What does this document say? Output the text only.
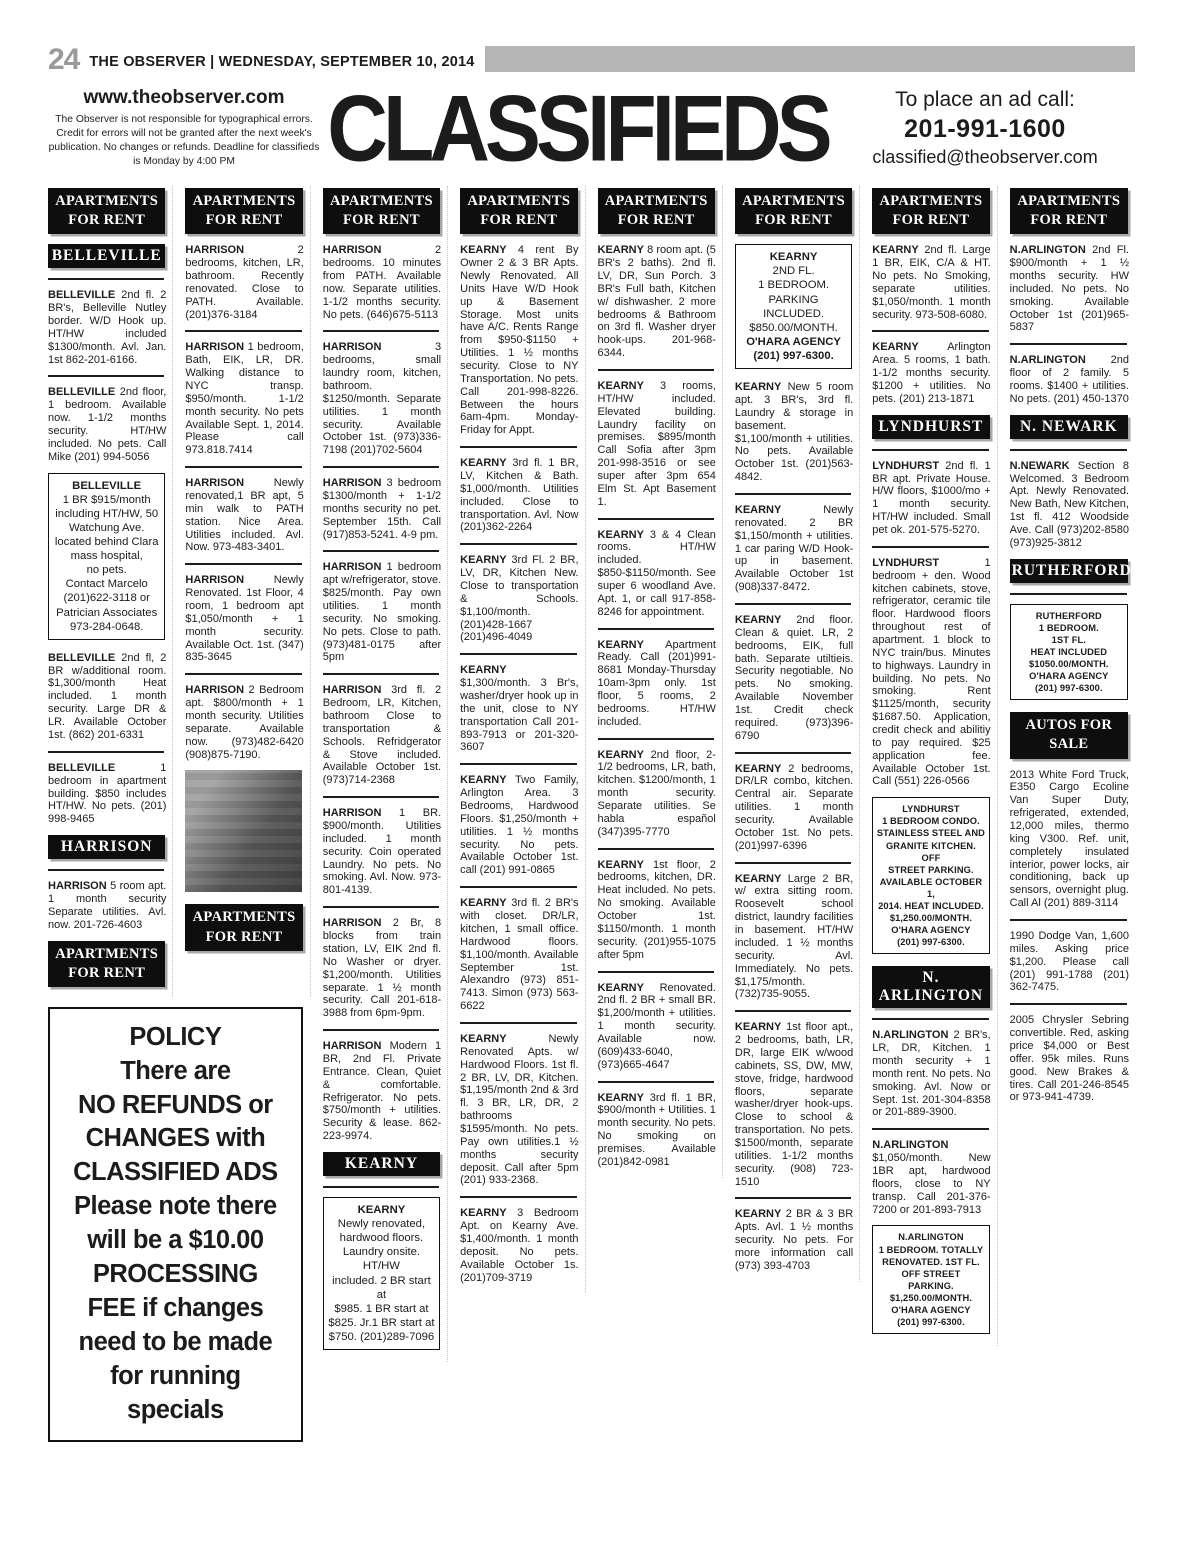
24 THE OBSERVER | WEDNESDAY, SEPTEMBER 10, 2014
www.theobserver.com
The Observer is not responsible for typographical errors. Credit for errors will not be granted after the next week's publication. No changes or refunds. Deadline for classifieds is Monday by 4:00 PM	CLASSIFIEDS	To place an ad call:
201-991-1600
classified@theobserver.com
APARTMENTS FOR RENT
BELLEVILLE
BELLEVILLE 2nd fl. 2 BR's, Belleville Nutley border. W/D Hook up. HT/HW included $1300/month. Avl. Jan. 1st 862-201-6166.
BELLEVILLE 2nd floor, 1 bedroom. Available now. 1-1/2 months security. HT/HW included. No pets. Call Mike (201) 994-5056
BELLEVILLE
1 BR $915/month
including HT/HW, 50
Watchung Ave.
located behind Clara
mass hospital,
no pets.
Contact Marcelo
(201)622-3118 or
Patrician Associates
973-284-0648.
BELLEVILLE 2nd fl, 2 BR w/additional room. $1,300/month Heat included. 1 month security. Large DR & LR. Available October 1st. (862) 201-6331
BELLEVILLE	1 bedroom in apartment building. $850 includes HT/HW. No pets. (201) 998-9465
HARRISON
HARRISON 5 room apt. 1 month security Separate utilities. Avl. now. 201-726-4603
APARTMENTS FOR RENT
APARTMENTS FOR RENT
HARRISON	2 bedrooms, kitchen, LR, bathroom. Recently renovated. Close to PATH. Available. (201)376-3184
HARRISON 1 bedroom, Bath, EIK, LR, DR. Walking distance to NYC transp. $950/month. 1-1/2 month security. No pets Available Sept. 1, 2014. Please call 973.818.7414
HARRISON	Newly renovated,1 BR apt, 5 min walk to PATH station. Nice Area. Utilities included. Avl. Now. 973-483-3401.
HARRISON	Newly Renovated. 1st Floor, 4 room, 1 bedroom apt $1,050/month + 1 month security. Available Oct. 1st. (347) 835-3645
HARRISON 2 Bedroom apt. $800/month + 1 month security. Utilities separate. Available now. (973)482-6420 (908)875-7190.
APARTMENTS FOR RENT
POLICY
There are
NO REFUNDS or
CHANGES with
CLASSIFIED ADS
Please note there
will be a $10.00
PROCESSING
FEE if changes
need to be made
for running
specials
APARTMENTS FOR RENT
HARRISON	2 bedrooms. 10 minutes from PATH. Available now. Separate utilities. 1-1/2 months security. No pets. (646)675-5113
HARRISON	3 bedrooms, small laundry room, kitchen, bathroom. $1250/month. Separate utilities. 1 month security. Available October 1st. (973)336-7198 (201)702-5604
HARRISON 3 bedroom $1300/month + 1-1/2 months security no pet. September 15th. Call (917)853-5241. 4-9 pm.
HARRISON 1 bedroom apt w/refrigerator, stove. $825/month. Pay own utilities. 1 month security. No smoking. No pets. Close to path. (973)481-0175 after 5pm
HARRISON 3rd fl. 2 Bedroom, LR, Kitchen, bathroom Close to transportation & Schools. Refridgerator & Stove included. Available October 1st. (973)714-2368
HARRISON 1 BR. $900/month. Utilities included. 1 month security. Coin operated Laundry. No pets. No smoking. Avl. Now. 973-801-4139.
HARRISON 2 Br, 8 blocks from train station, LV, EIK 2nd fl. No Washer or dryer. $1,200/month. Utilities separate. 1 ½ month security. Call 201-618-3988 from 6pm-9pm.
HARRISON Modern 1 BR, 2nd Fl. Private Entrance. Clean, Quiet & comfortable. Refrigerator. No pets. $750/month + utilities. Security & lease. 862-223-9974.
KEARNY
KEARNY
Newly renovated,
hardwood floors.
Laundry onsite. HT/HW
included. 2 BR start at
$985. 1 BR start at
$825. Jr.1 BR start at
$750. (201)289-7096
APARTMENTS FOR RENT
KEARNY 4 rent By Owner 2 & 3 BR Apts. Newly Renovated. All Units Have W/D Hook up & Basement Storage. Most units have A/C. Rents Range from $950-$1150 + Utilities. 1 ½ months security. Close to NY Transportation. No pets. Call 201-998-8226. Between the hours 6am-4pm. Monday-Friday for Appt.
KEARNY 3rd fl. 1 BR, LV, Kitchen & Bath. $1,000/month. Utilities included. Close to transportation. Avl. Now (201)362-2264
KEARNY 3rd Fl. 2 BR, LV, DR, Kitchen New. Close to transportation & Schools. $1,100/month. (201)428-1667 (201)496-4049
KEARNY $1,300/month. 3 Br's, washer/dryer hook up in the unit, close to NY transportation Call 201-893-7913 or 201-320-3607
KEARNY Two Family, Arlington Area. 3 Bedrooms, Hardwood Floors. $1,250/month + utilities. 1 ½ months security. No pets. Available October 1st. call (201) 991-0865
KEARNY 3rd fl. 2 BR's with closet. DR/LR, kitchen, 1 small office. Hardwood floors. $1,100/month. Available September 1st. Alexandro (973) 851-7413. Simon (973) 563-6622
KEARNY	Newly Renovated Apts. w/ Hardwood Floors. 1st fl. 2 BR, LV, DR, Kitchen. $1,195/month 2nd & 3rd fl. 3 BR, LR, DR, 2 bathrooms $1595/month. No pets. Pay own utilities.1 ½ months security deposit. Call after 5pm (201) 933-2368.
KEARNY 3 Bedroom Apt. on Kearny Ave. $1,400/month. 1 month deposit. No pets. Available October 1s. (201)709-3719
APARTMENTS FOR RENT
KEARNY 8 room apt. (5 BR's 2 baths). 2nd fl. LV, DR, Sun Porch. 3 BR's Full bath, Kitchen w/ dishwasher. 2 more bedrooms & Bathroom on 3rd fl. Washer dryer hook-ups. 201-968-6344.
KEARNY 3 rooms, HT/HW included. Elevated building. Laundry facility on premises. $895/month Call Sofia after 3pm 201-998-3516 or see super after 3pm 654 Elm St. Apt Basement 1.
KEARNY 3 & 4 Clean rooms. HT/HW included. $850-$1150/month. See super 6 woodland Ave. Apt. 1, or call 917-858-8246 for appointment.
KEARNY Apartment Ready. Call (201)991-8681 Monday-Thursday 10am-3pm only. 1st floor, 5 rooms, 2 bedrooms. HT/HW included.
KEARNY 2nd floor, 2-1/2 bedrooms, LR, bath, kitchen. $1200/month, 1 month security. Separate utilities. Se habla español (347)395-7770
KEARNY 1st floor, 2 bedrooms, kitchen, DR. Heat included. No pets. No smoking. Available October 1st. $1150/month. 1 month security. (201)955-1075 after 5pm
KEARNY Renovated. 2nd fl. 2 BR + small BR. $1,200/month + utilities. 1 month security. Available now. (609)433-6040, (973)665-4647
KEARNY 3rd fl. 1 BR, $900/month + Utilities. 1 month security. No pets. No smoking on premises. Available (201)842-0981
APARTMENTS FOR RENT
KEARNY
2ND FL.
1 BEDROOM.
PARKING INCLUDED.
$850.00/MONTH.
O'HARA AGENCY
(201) 997-6300.
KEARNY New 5 room apt. 3 BR's, 3rd fl. Laundry & storage in basement. $1,100/month + utilities. No pets. Available October 1st. (201)563-4842.
KEARNY	Newly renovated. 2 BR $1,150/month + utilities. 1 car paring W/D Hook-up in basement. Available October 1st (908)337-8472.
KEARNY 2nd floor. Clean & quiet. LR, 2 bedrooms, EIK, full bath. Separate utiltieis. Security negotiable. No pets. No smoking. Available November 1st. Credit check required. (973)396-6790
KEARNY 2 bedrooms, DR/LR combo, kitchen. Central air. Separate utilities. 1 month security. Available October 1st. No pets. (201)997-6396
KEARNY Large 2 BR, w/ extra sitting room. Roosevelt school district, laundry facilities in basement. HT/HW included. 1 ½ months security. Avl. Immediately. No pets. $1,175/month. (732)735-9055.
KEARNY 1st floor apt., 2 bedrooms, bath, LR, DR, large EIK w/wood cabinets, SS, DW, MW, stove, fridge, hardwood floors, separate washer/dryer hook-ups. Close to school & transportation. No pets. $1500/month, separate utilities. 1-1/2 months security. (908) 723-1510
KEARNY 2 BR & 3 BR Apts. Avl. 1 ½ months security. No pets. For more information call (973) 393-4703
APARTMENTS FOR RENT
KEARNY 2nd fl. Large 1 BR, EIK, C/A & HT. No pets. No Smoking, separate utilities. $1,050/month. 1 month security. 973-508-6080.
KEARNY	Arlington Area. 5 rooms, 1 bath. 1-1/2 months security. $1200 + utilities. No pets. (201) 213-1871
LYNDHURST
LYNDHURST 2nd fl. 1 BR apt. Private House. H/W floors, $1000/mo + 1 month security. HT/HW included. Small pet ok. 201-575-5270.
LYNDHURST	1 bedroom + den. Wood kitchen cabinets, stove, refrigerator, ceramic tile floor. Hardwood floors throughout rest of apartment. 1 block to NYC train/bus. Minutes to highways. Laundry in building. No pets. No smoking. Rent $1125/month, security $1687.50. Application, credit check and abilitiy to pay required. $25 application fee. Available October 1st. Call (551) 226-0566
LYNDHURST
1 BEDROOM CONDO.
STAINLESS STEEL AND
GRANITE KITCHEN. OFF
STREET PARKING.
AVAILABLE OCTOBER 1,
2014. HEAT INCLUDED.
$1,250.00/MONTH.
O'HARA AGENCY
(201) 997-6300.
N. ARLINGTON
N.ARLINGTON 2 BR's, LR, DR, Kitchen. 1 month security + 1 month rent. No pets. No smoking. Avl. Now or Sept. 1st. 201-304-8358 or 201-889-3900.
N.ARLINGTON $1,050/month. New 1BR apt, hardwood floors, close to NY transp. Call 201-376-7200 or 201-893-7913
N.ARLINGTON
1 BEDROOM. TOTALLY
RENOVATED. 1ST FL.
OFF STREET
PARKING.
$1,250.00/MONTH.
O'HARA AGENCY
(201) 997-6300.
APARTMENTS FOR RENT
N.ARLINGTON 2nd Fl. $900/month + 1 ½ months security. HW included. No pets. No smoking. Available October 1st (201)965-5837
N.ARLINGTON 2nd floor of 2 family. 5 rooms. $1400 + utilities. No pets. (201) 450-1370
N. NEWARK
N.NEWARK Section 8 Welcomed. 3 Bedroom Apt. Newly Renovated. New Bath, New Kitchen, 1st fl. 412 Woodside Ave. Call (973)202-8580 (973)925-3812
RUTHERFORD
RUTHERFORD
1 BEDROOM.
1ST FL.
HEAT INCLUDED
$1050.00/MONTH.
O'HARA AGENCY
(201) 997-6300.
AUTOS FOR SALE
2013 White Ford Truck, E350 Cargo Ecoline Van Super Duty, refrigerated, extended, 12,000 miles, thermo king V300. Ref. unit, completely insulated interior, power locks, air conditioning, back up sensors, overnight plug. Call Al (201) 889-3114
1990 Dodge Van, 1,600 miles. Asking price $1,200. Please call (201) 991-1788 (201) 362-7475.
2005 Chrysler Sebring convertible. Red, asking price $4,000 or Best offer. 95k miles. Runs good. New Brakes & tires. Call 201-246-8545 or 973-941-4739.
